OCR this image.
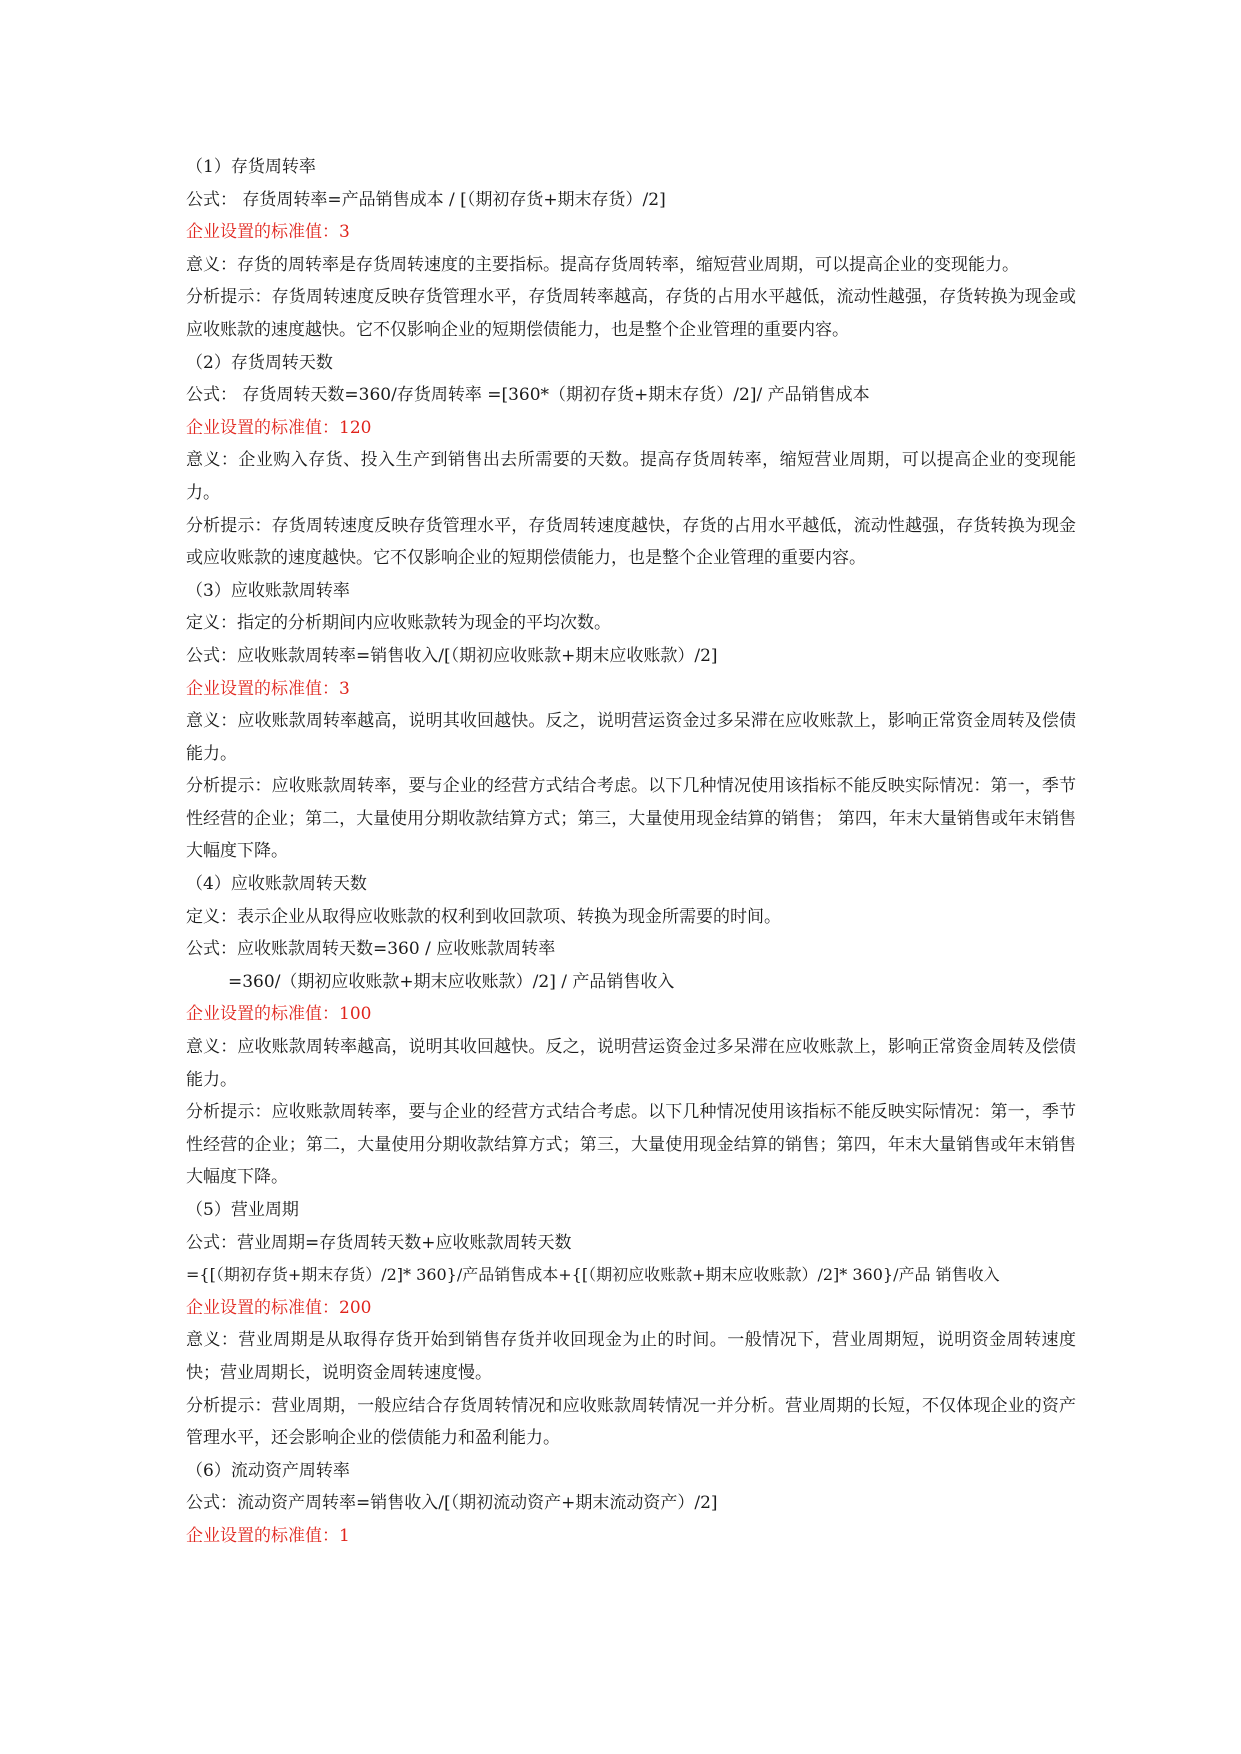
（1）存货周转率
公式： 存货周转率=产品销售成本 / [（期初存货+期末存货）/2]
企业设置的标准值：3
意义：存货的周转率是存货周转速度的主要指标。提高存货周转率，缩短营业周期，可以提高企业的变现能力。
分析提示：存货周转速度反映存货管理水平，存货周转率越高，存货的占用水平越低，流动性越强，存货转换为现金或应收账款的速度越快。它不仅影响企业的短期偿债能力，也是整个企业管理的重要内容。
（2）存货周转天数
公式： 存货周转天数=360/存货周转率 =[360*（期初存货+期末存货）/2]/ 产品销售成本
企业设置的标准值：120
意义：企业购入存货、投入生产到销售出去所需要的天数。提高存货周转率，缩短营业周期，可以提高企业的变现能力。
分析提示：存货周转速度反映存货管理水平，存货周转速度越快，存货的占用水平越低，流动性越强，存货转换为现金或应收账款的速度越快。它不仅影响企业的短期偿债能力，也是整个企业管理的重要内容。
（3）应收账款周转率
定义：指定的分析期间内应收账款转为现金的平均次数。
公式：应收账款周转率=销售收入/[（期初应收账款+期末应收账款）/2]
企业设置的标准值：3
意义：应收账款周转率越高，说明其收回越快。反之，说明营运资金过多呆滞在应收账款上，影响正常资金周转及偿债能力。
分析提示：应收账款周转率，要与企业的经营方式结合考虑。以下几种情况使用该指标不能反映实际情况：第一，季节性经营的企业；第二，大量使用分期收款结算方式；第三，大量使用现金结算的销售； 第四，年末大量销售或年末销售大幅度下降。
（4）应收账款周转天数
定义：表示企业从取得应收账款的权利到收回款项、转换为现金所需要的时间。
公式：应收账款周转天数=360 / 应收账款周转率
=360/（期初应收账款+期末应收账款）/2] / 产品销售收入
企业设置的标准值：100
意义：应收账款周转率越高，说明其收回越快。反之，说明营运资金过多呆滞在应收账款上，影响正常资金周转及偿债能力。
分析提示：应收账款周转率，要与企业的经营方式结合考虑。以下几种情况使用该指标不能反映实际情况：第一，季节性经营的企业；第二，大量使用分期收款结算方式；第三，大量使用现金结算的销售；第四，年末大量销售或年末销售大幅度下降。
（5）营业周期
公式：营业周期=存货周转天数+应收账款周转天数
={[（期初存货+期末存货）/2]* 360}/产品销售成本+{[（期初应收账款+期末应收账款）/2]* 360}/产品 销售收入
企业设置的标准值：200
意义：营业周期是从取得存货开始到销售存货并收回现金为止的时间。一般情况下，营业周期短，说明资金周转速度快；营业周期长，说明资金周转速度慢。
分析提示：营业周期，一般应结合存货周转情况和应收账款周转情况一并分析。营业周期的长短，不仅体现企业的资产管理水平，还会影响企业的偿债能力和盈利能力。
（6）流动资产周转率
公式：流动资产周转率=销售收入/[（期初流动资产+期末流动资产）/2]
企业设置的标准值：1
